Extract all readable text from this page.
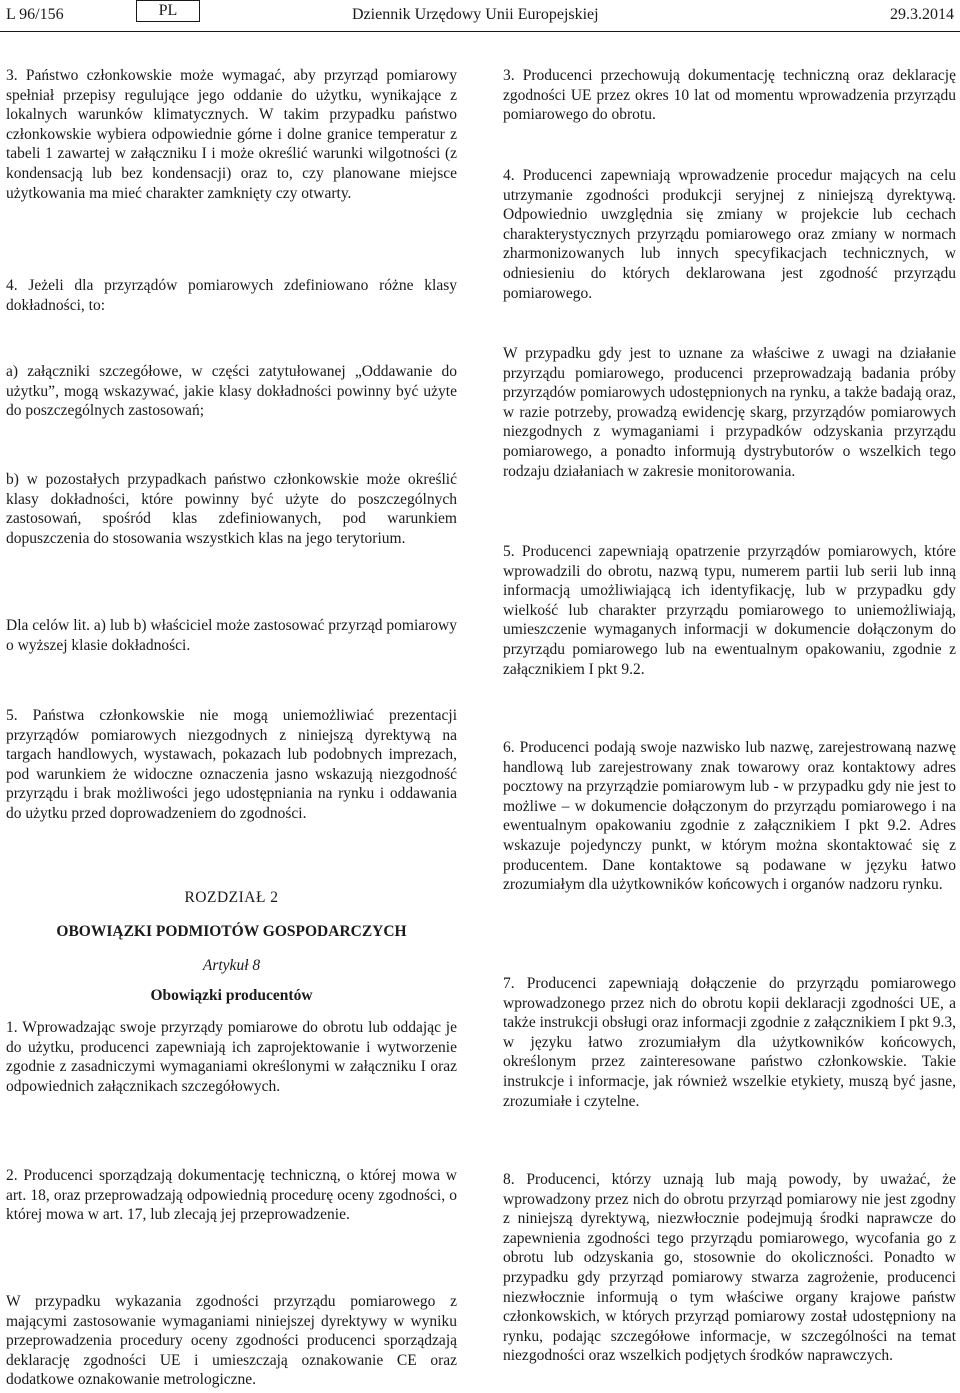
L 96/156	PL	Dziennik Urzędowy Unii Europejskiej	29.3.2014

3. Państwo członkowskie może wymagać, aby przyrząd pomiarowy spełniał przepisy regulujące jego oddanie do użytku, wynikające z lokalnych warunków klimatycznych. W takim przypadku państwo członkowskie wybiera odpowiednie górne i dolne granice temperatur z tabeli 1 zawartej w załączniku I i może określić warunki wilgotności (z kondensacją lub bez kondensacji) oraz to, czy planowane miejsce użytkowania ma mieć charakter zamknięty czy otwarty.

4. Jeżeli dla przyrządów pomiarowych zdefiniowano różne klasy dokładności, to:

a) załączniki szczegółowe, w części zatytułowanej „Oddawanie do użytku”, mogą wskazywać, jakie klasy dokładności powinny być użyte do poszczególnych zastosowań;

b) w pozostałych przypadkach państwo członkowskie może określić klasy dokładności, które powinny być użyte do poszczególnych zastosowań, spośród klas zdefiniowanych, pod warunkiem dopuszczenia do stosowania wszystkich klas na jego terytorium.

Dla celów lit. a) lub b) właściciel może zastosować przyrząd pomiarowy o wyższej klasie dokładności.

5. Państwa członkowskie nie mogą uniemożliwiać prezentacji przyrządów pomiarowych niezgodnych z niniejszą dyrektywą na targach handlowych, wystawach, pokazach lub podobnych imprezach, pod warunkiem że widoczne oznaczenia jasno wskazują niezgodność przyrządu i brak możliwości jego udostępniania na rynku i oddawania do użytku przed doprowadzeniem do zgodności.

ROZDZIAŁ 2

OBOWIĄZKI PODMIOTÓW GOSPODARCZYCH

Artykuł 8

Obowiązki producentów

1. Wprowadzając swoje przyrządy pomiarowe do obrotu lub oddając je do użytku, producenci zapewniają ich zaprojektowanie i wytworzenie zgodnie z zasadniczymi wymaganiami określonymi w załączniku I oraz odpowiednich załącznikach szczegółowych.

2. Producenci sporządzają dokumentację techniczną, o której mowa w art. 18, oraz przeprowadzają odpowiednią procedurę oceny zgodności, o której mowa w art. 17, lub zlecają jej przeprowadzenie.

W przypadku wykazania zgodności przyrządu pomiarowego z mającymi zastosowanie wymaganiami niniejszej dyrektywy w wyniku przeprowadzenia procedury oceny zgodności producenci sporządzają deklarację zgodności UE i umieszczają oznakowanie CE oraz dodatkowe oznakowanie metrologiczne.

3. Producenci przechowują dokumentację techniczną oraz deklarację zgodności UE przez okres 10 lat od momentu wprowadzenia przyrządu pomiarowego do obrotu.

4. Producenci zapewniają wprowadzenie procedur mających na celu utrzymanie zgodności produkcji seryjnej z niniejszą dyrektywą. Odpowiednio uwzględnia się zmiany w projekcie lub cechach charakterystycznych przyrządu pomiarowego oraz zmiany w normach zharmonizowanych lub innych specyfikacjach technicznych, w odniesieniu do których deklarowana jest zgodność przyrządu pomiarowego.

W przypadku gdy jest to uznane za właściwe z uwagi na działanie przyrządu pomiarowego, producenci przeprowadzają badania próby przyrządów pomiarowych udostępnionych na rynku, a także badają oraz, w razie potrzeby, prowadzą ewidencję skarg, przyrządów pomiarowych niezgodnych z wymaganiami i przypadków odzyskania przyrządu pomiarowego, a ponadto informują dystrybutorów o wszelkich tego rodzaju działaniach w zakresie monitorowania.

5. Producenci zapewniają opatrzenie przyrządów pomiarowych, które wprowadzili do obrotu, nazwą typu, numerem partii lub serii lub inną informacją umożliwiającą ich identyfikację, lub w przypadku gdy wielkość lub charakter przyrządu pomiarowego to uniemożliwiają, umieszczenie wymaganych informacji w dokumencie dołączonym do przyrządu pomiarowego lub na ewentualnym opakowaniu, zgodnie z załącznikiem I pkt 9.2.

6. Producenci podają swoje nazwisko lub nazwę, zarejestrowaną nazwę handlową lub zarejestrowany znak towarowy oraz kontaktowy adres pocztowy na przyrządzie pomiarowym lub - w przypadku gdy nie jest to możliwe – w dokumencie dołączonym do przyrządu pomiarowego i na ewentualnym opakowaniu zgodnie z załącznikiem I pkt 9.2. Adres wskazuje pojedynczy punkt, w którym można skontaktować się z producentem. Dane kontaktowe są podawane w języku łatwo zrozumiałym dla użytkowników końcowych i organów nadzoru rynku.

7. Producenci zapewniają dołączenie do przyrządu pomiarowego wprowadzonego przez nich do obrotu kopii deklaracji zgodności UE, a także instrukcji obsługi oraz informacji zgodnie z załącznikiem I pkt 9.3, w języku łatwo zrozumiałym dla użytkowników końcowych, określonym przez zainteresowane państwo członkowskie. Takie instrukcje i informacje, jak również wszelkie etykiety, muszą być jasne, zrozumiałe i czytelne.

8. Producenci, którzy uznają lub mają powody, by uważać, że wprowadzony przez nich do obrotu przyrząd pomiarowy nie jest zgodny z niniejszą dyrektywą, niezwłocznie podejmują środki naprawcze do zapewnienia zgodności tego przyrządu pomiarowego, wycofania go z obrotu lub odzyskania go, stosownie do okoliczności. Ponadto w przypadku gdy przyrząd pomiarowy stwarza zagrożenie, producenci niezwłocznie informują o tym właściwe organy krajowe państw członkowskich, w których przyrząd pomiarowy został udostępniony na rynku, podając szczegółowe informacje, w szczególności na temat niezgodności oraz wszelkich podjętych środków naprawczych.
